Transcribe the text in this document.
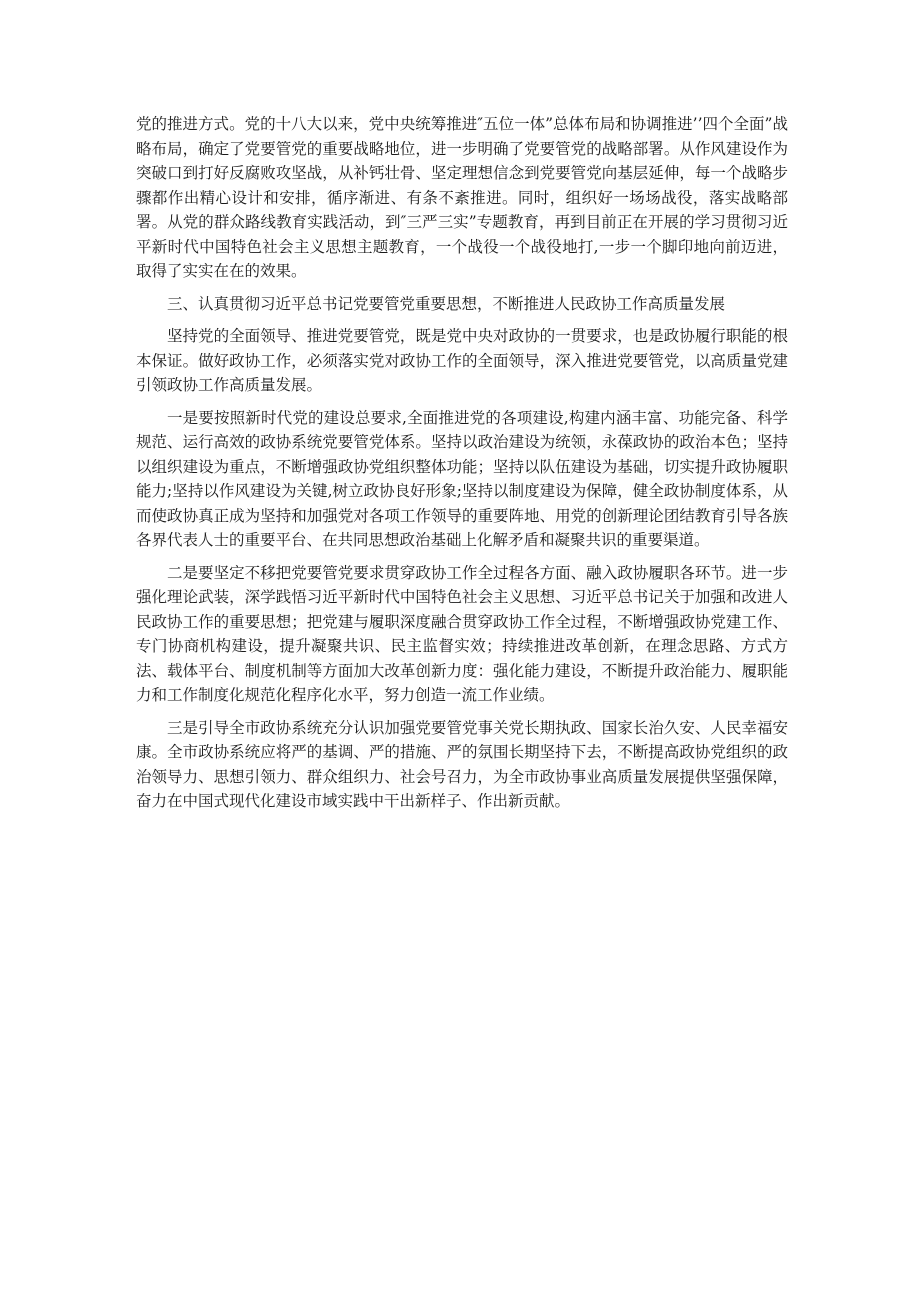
党的推进方式。党的十八大以来，党中央统筹推进″五位一体”总体布局和协调推进’’四个全面”战略布局，确定了党要管党的重要战略地位，进一步明确了党要管党的战略部署。从作风建设作为突破口到打好反腐败攻坚战，从补钙壮骨、坚定理想信念到党要管党向基层延伸，每一个战略步骤都作出精心设计和安排，循序渐进、有条不紊推进。同时，组织好一场场战役，落实战略部署。从党的群众路线教育实践活动，到″三严三实”专题教育，再到目前正在开展的学习贯彻习近平新时代中国特色社会主义思想主题教育，一个战役一个战役地打,一步一个脚印地向前迈进，取得了实实在在的效果。

三、认真贯彻习近平总书记党要管党重要思想，不断推进人民政协工作高质量发展

坚持党的全面领导、推进党要管党，既是党中央对政协的一贯要求，也是政协履行职能的根本保证。做好政协工作，必须落实党对政协工作的全面领导，深入推进党要管党，以高质量党建引领政协工作高质量发展。

一是要按照新时代党的建设总要求,全面推进党的各项建设,构建内涵丰富、功能完备、科学规范、运行高效的政协系统党要管党体系。坚持以政治建设为统领，永葆政协的政治本色；坚持以组织建设为重点，不断增强政协党组织整体功能；坚持以队伍建设为基础，切实提升政协履职能力;坚持以作风建设为关键,树立政协良好形象;坚持以制度建设为保障，健全政协制度体系，从而使政协真正成为坚持和加强党对各项工作领导的重要阵地、用党的创新理论团结教育引导各族各界代表人士的重要平台、在共同思想政治基础上化解矛盾和凝聚共识的重要渠道。

二是要坚定不移把党要管党要求贯穿政协工作全过程各方面、融入政协履职各环节。进一步强化理论武装，深学践悟习近平新时代中国特色社会主义思想、习近平总书记关于加强和改进人民政协工作的重要思想；把党建与履职深度融合贯穿政协工作全过程，不断增强政协党建工作、专门协商机构建设，提升凝聚共识、民主监督实效；持续推进改革创新，在理念思路、方式方法、载体平台、制度机制等方面加大改革创新力度：强化能力建设，不断提升政治能力、履职能力和工作制度化规范化程序化水平，努力创造一流工作业绩。

三是引导全市政协系统充分认识加强党要管党事关党长期执政、国家长治久安、人民幸福安康。全市政协系统应将严的基调、严的措施、严的氛围长期坚持下去，不断提高政协党组织的政治领导力、思想引领力、群众组织力、社会号召力，为全市政协事业高质量发展提供坚强保障，奋力在中国式现代化建设市域实践中干出新样子、作出新贡献。
